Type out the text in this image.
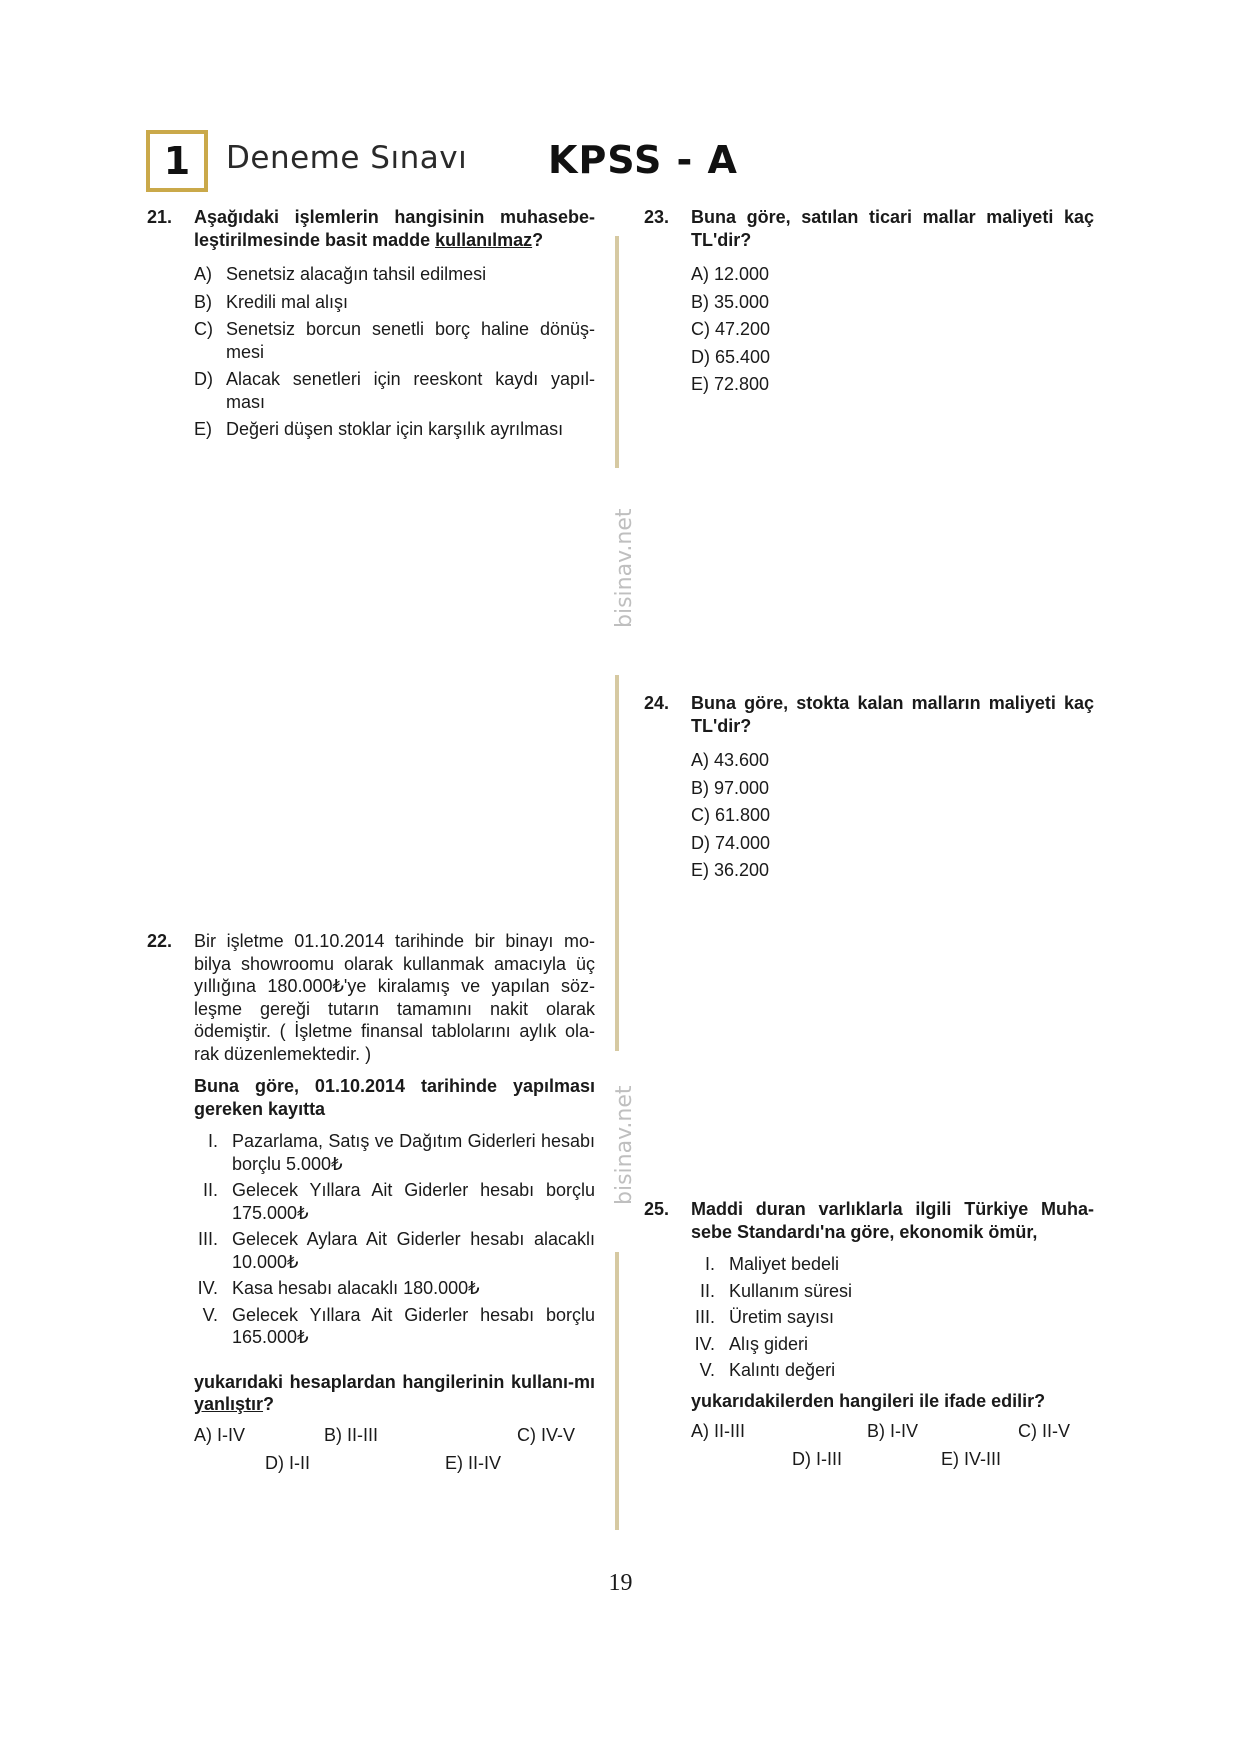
1 Deneme Sınavı KPSS - A
bisinav.net
bisinav.net
21. Aşağıdaki işlemlerin hangisinin muhasebe-leştirilmesinde basit madde kullanılmaz?
A) Senetsiz alacağın tahsil edilmesi
B) Kredili mal alışı
C) Senetsiz borcun senetli borç haline dönüş-mesi
D) Alacak senetleri için reeskont kaydı yapıl-ması
E) Değeri düşen stoklar için karşılık ayrılması
23. Buna göre, satılan ticari mallar maliyeti kaç TL'dir?
A)
12.000
B)
35.000
C)
47.200
D)
65.400
E)
72.800
24. Buna göre, stokta kalan malların maliyeti kaç TL'dir?
A)
43.600
B)
97.000
C)
61.800
D)
74.000
E)
36.200
22. Bir işletme 01.10.2014 tarihinde bir binayı mo-bilya showroomu olarak kullanmak amacıyla üç yıllığına 180.000₺'ye kiralamış ve yapılan söz-leşme gereği tutarın tamamını nakit olarak ödemiştir. ( İşletme finansal tablolarını aylık ola-rak düzenlemektedir. )
Buna göre, 01.10.2014 tarihinde yapılması gereken kayıtta
I. Pazarlama, Satış ve Dağıtım Giderleri hesabı borçlu 5.000₺
II. Gelecek Yıllara Ait Giderler hesabı borçlu 175.000₺
III. Gelecek Aylara Ait Giderler hesabı alacaklı 10.000₺
IV. Kasa hesabı alacaklı 180.000₺
V. Gelecek Yıllara Ait Giderler hesabı borçlu 165.000₺
yukarıdaki hesaplardan hangilerinin kullanı-mı yanlıştır?
A) I-IV	B) II-III	C) IV-V
D) I-II	E) II-IV
25. Maddi duran varlıklarla ilgili Türkiye Muha-sebe Standardı'na göre, ekonomik ömür,
I. Maliyet bedeli
II. Kullanım süresi
III. Üretim sayısı
IV. Alış gideri
V. Kalıntı değeri
yukarıdakilerden hangileri ile ifade edilir?
A) II-III	B) I-IV	C) II-V
D) I-III	E) IV-III
19
